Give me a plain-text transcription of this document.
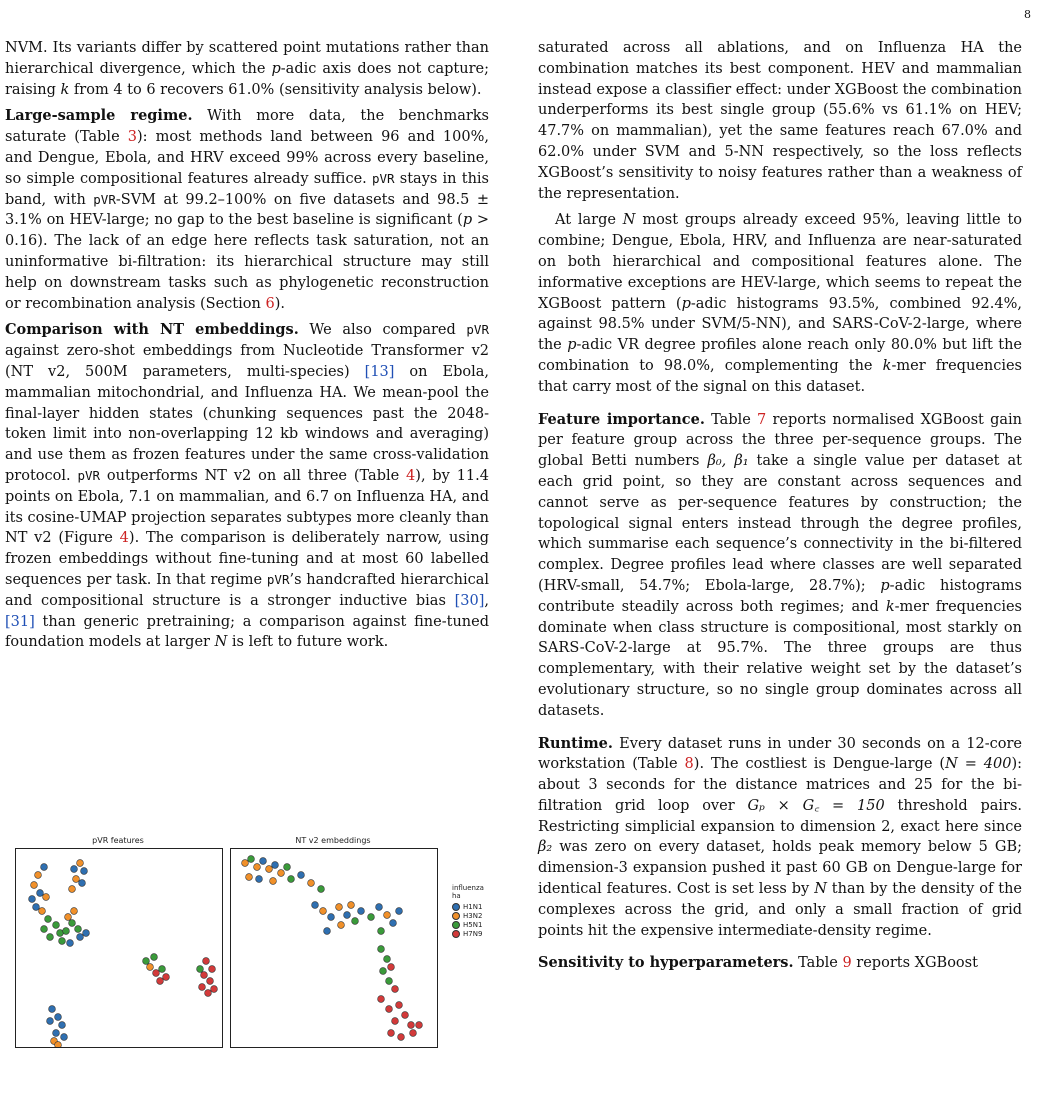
8

NVM. Its variants differ by scattered point mutations rather than hierarchical divergence, which the p-adic axis does not capture; raising k from 4 to 6 recovers 61.0% (sensitivity analysis below).

Large-sample regime. With more data, the benchmarks saturate (Table 3): most methods land between 96 and 100%, and Dengue, Ebola, and HRV exceed 99% across every baseline, so simple compositional features already suffice. pVR stays in this band, with pVR-SVM at 99.2–100% on five datasets and 98.5 ± 3.1% on HEV-large; no gap to the best baseline is significant (p > 0.16). The lack of an edge here reflects task saturation, not an uninformative bi-filtration: its hierarchical structure may still help on downstream tasks such as phylogenetic reconstruction or recombination analysis (Section 6).

Comparison with NT embeddings. We also compared pVR against zero-shot embeddings from Nucleotide Transformer v2 (NT v2, 500M parameters, multi-species) [13] on Ebola, mammalian mitochondrial, and Influenza HA. We mean-pool the final-layer hidden states (chunking sequences past the 2048-token limit into non-overlapping 12 kb windows and averaging) and use them as frozen features under the same cross-validation protocol. pVR outperforms NT v2 on all three (Table 4), by 11.4 points on Ebola, 7.1 on mammalian, and 6.7 on Influenza HA, and its cosine-UMAP projection separates subtypes more cleanly than NT v2 (Figure 4). The comparison is deliberately narrow, using frozen embeddings without fine-tuning and at most 60 labelled sequences per task. In that regime pVR’s handcrafted hierarchical and compositional structure is a stronger inductive bias [30], [31] than generic pretraining; a comparison against fine-tuned foundation models at larger N is left to future work.

pVR features	NT v2 embeddings
influenza ha
H1N1
H3N2
H5N1
H7N9

saturated across all ablations, and on Influenza HA the combination matches its best component. HEV and mammalian instead expose a classifier effect: under XGBoost the combination underperforms its best single group (55.6% vs 61.1% on HEV; 47.7% on mammalian), yet the same features reach 67.0% and 62.0% under SVM and 5-NN respectively, so the loss reflects XGBoost’s sensitivity to noisy features rather than a weakness of the representation.

At large N most groups already exceed 95%, leaving little to combine; Dengue, Ebola, HRV, and Influenza are near-saturated on both hierarchical and compositional features alone. The informative exceptions are HEV-large, which seems to repeat the XGBoost pattern (p-adic histograms 93.5%, combined 92.4%, against 98.5% under SVM/5-NN), and SARS-CoV-2-large, where the p-adic VR degree profiles alone reach only 80.0% but lift the combination to 98.0%, complementing the k-mer frequencies that carry most of the signal on this dataset.

Feature importance. Table 7 reports normalised XGBoost gain per feature group across the three per-sequence groups. The global Betti numbers β₀, β₁ take a single value per dataset at each grid point, so they are constant across sequences and cannot serve as per-sequence features by construction; the topological signal enters instead through the degree profiles, which summarise each sequence’s connectivity in the bi-filtered complex. Degree profiles lead where classes are well separated (HRV-small, 54.7%; Ebola-large, 28.7%); p-adic histograms contribute steadily across both regimes; and k-mer frequencies dominate when class structure is compositional, most starkly on SARS-CoV-2-large at 95.7%. The three groups are thus complementary, with their relative weight set by the dataset’s evolutionary structure, so no single group dominates across all datasets.

Runtime. Every dataset runs in under 30 seconds on a 12-core workstation (Table 8). The costliest is Dengue-large (N = 400): about 3 seconds for the distance matrices and 25 for the bi-filtration grid loop over Gₚ × G꜀ = 150 threshold pairs. Restricting simplicial expansion to dimension 2, exact here since β₂ was zero on every dataset, holds peak memory below 5 GB; dimension-3 expansion pushed it past 60 GB on Dengue-large for identical features. Cost is set less by N than by the density of the complexes across the grid, and only a small fraction of grid points hit the expensive intermediate-density regime.

Sensitivity to hyperparameters. Table 9 reports XGBoost
